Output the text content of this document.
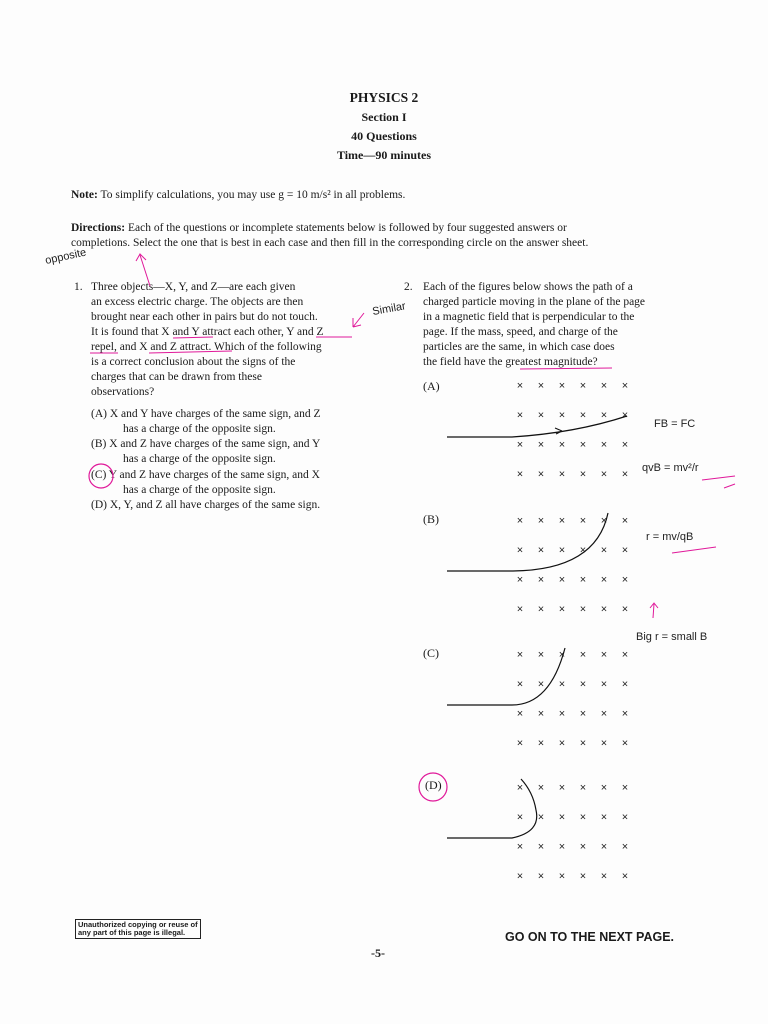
PHYSICS 2
Section I
40 Questions
Time—90 minutes
Note: To simplify calculations, you may use g = 10 m/s² in all problems.
Directions: Each of the questions or incomplete statements below is followed by four suggested answers or
completions. Select the one that is best in each case and then fill in the corresponding circle on the answer sheet.
1. Three objects—X, Y, and Z—are each given
an excess electric charge. The objects are then
brought near each other in pairs but do not touch.
It is found that X and Y attract each other, Y and Z
repel, and X and Z attract. Which of the following
is a correct conclusion about the signs of the
charges that can be drawn from these
observations?
(A) X and Y have charges of the same sign, and Z
has a charge of the opposite sign.
(B) X and Z have charges of the same sign, and Y
has a charge of the opposite sign.
(C) Y and Z have charges of the same sign, and X
has a charge of the opposite sign.
(D) X, Y, and Z all have charges of the same sign.
2. Each of the figures below shows the path of a
charged particle moving in the plane of the page
in a magnetic field that is perpendicular to the
page. If the mass, speed, and charge of the
particles are the same, in which case does
the field have the greatest magnitude?
(A)
(B)
(C)
(D)
× × × × × ×
× × × × × ×
× × × × × ×
× × × × × ×
× × × × × ×
× × × × × ×
× × × × × ×
× × × × × ×
× × × × × ×
× × × × × ×
× × × × × ×
× × × × × ×
× × × × × ×
× × × × × ×
× × × × × ×
× × × × × ×
opposite
Similar
FB = FC
qvB = mv²/r
r = mv/qB
Big r = small B
Unauthorized copying or reuse of
any part of this page is illegal.	GO ON TO THE NEXT PAGE.
-5-
